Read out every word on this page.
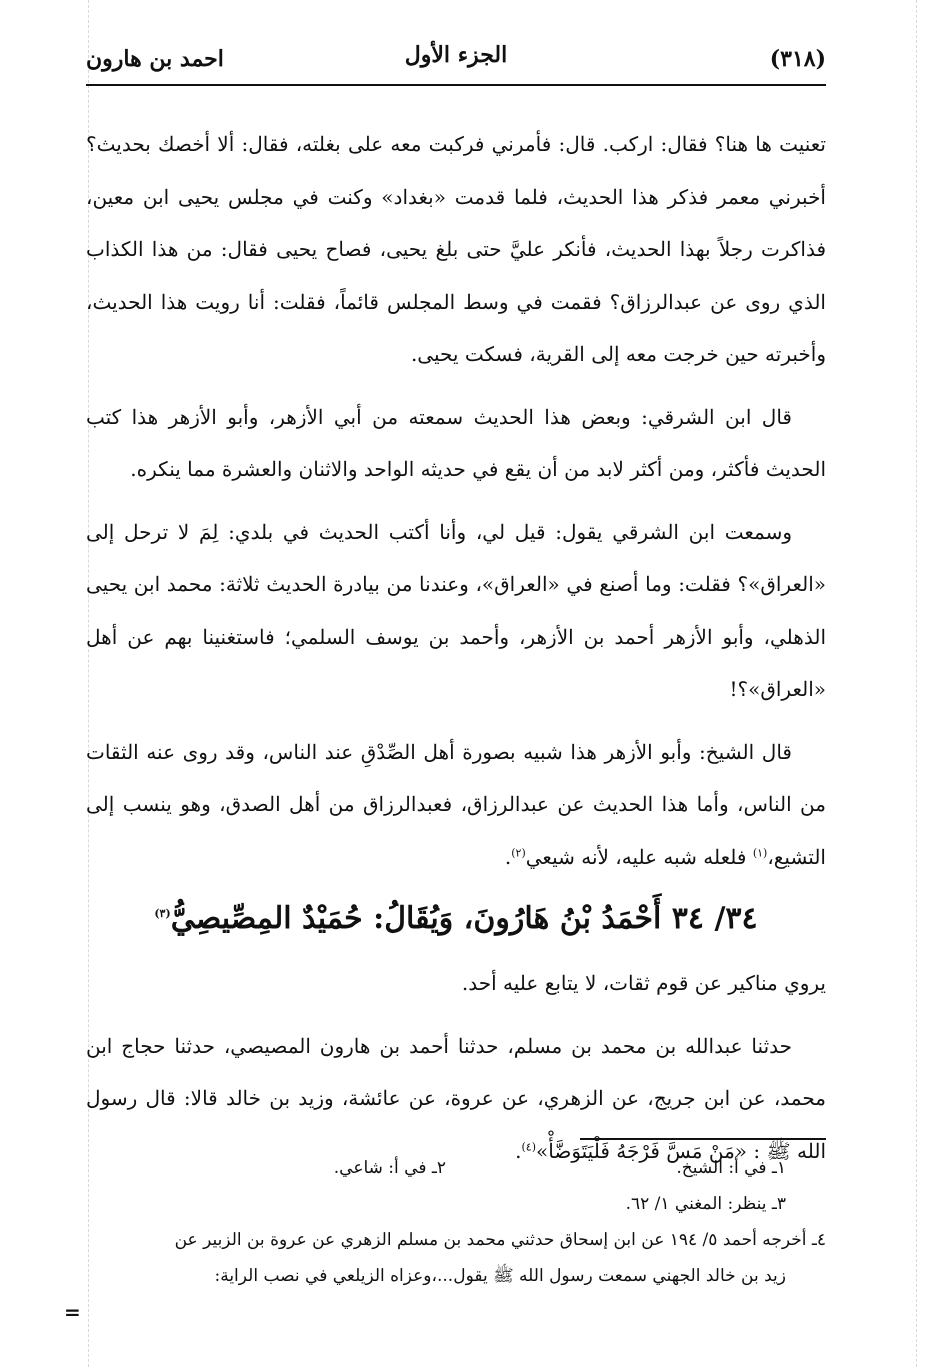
(٣١٨)
الجزء الأول
احمد بن هارون

تعنيت ها هنا؟ فقال: اركب. قال: فأمرني فركبت معه على بغلته، فقال: ألا أخصك بحديث؟ أخبرني معمر فذكر هذا الحديث، فلما قدمت «بغداد» وكنت في مجلس يحيى ابن معين، فذاكرت رجلاً بهذا الحديث، فأنكر عليَّ حتى بلغ يحيى، فصاح يحيى فقال: من هذا الكذاب الذي روى عن عبدالرزاق؟ فقمت في وسط المجلس قائماً، فقلت: أنا رويت هذا الحديث، وأخبرته حين خرجت معه إلى القرية، فسكت يحيى.

قال ابن الشرقي: وبعض هذا الحديث سمعته من أبي الأزهر، وأبو الأزهر هذا كتب الحديث فأكثر، ومن أكثر لابد من أن يقع في حديثه الواحد والاثنان والعشرة مما ينكره.

وسمعت ابن الشرقي يقول: قيل لي، وأنا أكتب الحديث في بلدي: لِمَ لا ترحل إلى «العراق»؟ فقلت: وما أصنع في «العراق»، وعندنا من بيادرة الحديث ثلاثة: محمد ابن يحيى الذهلي، وأبو الأزهر أحمد بن الأزهر، وأحمد بن يوسف السلمي؛ فاستغنينا بهم عن أهل «العراق»؟!

قال الشيخ: وأبو الأزهر هذا شبيه بصورة أهل الصِّدْقِ عند الناس، وقد روى عنه الثقات من الناس، وأما هذا الحديث عن عبدالرزاق، فعبدالرزاق من أهل الصدق، وهو ينسب إلى التشيع،$^{(١)}$ فلعله شبه عليه، لأنه شيعي$^{(٢)}$.

٣٤/ ٣٤ أَحْمَدُ بْنُ هَارُونَ، وَيُقَالُ: حُمَيْدٌ المِصِّيصِيُّ$^{(٣)}$

يروي مناكير عن قوم ثقات، لا يتابع عليه أحد.

حدثنا عبدالله بن محمد بن مسلم، حدثنا أحمد بن هارون المصيصي، حدثنا حجاج ابن محمد، عن ابن جريج، عن الزهري، عن عروة، عن عائشة، وزيد بن خالد قالا: قال رسول الله ﷺ : «مَنْ مَسَّ فَرْجَهُ فَلْيَتَوَضَّأْ»$^{(٤)}$.

١ـ في أ: الشيخ.
٢ـ في أ: شاعي.
٣ـ ينظر: المغني ١/ ٦٢.

٤ـ أخرجه أحمد ٥/ ١٩٤ عن ابن إسحاق حدثني محمد بن مسلم الزهري عن عروة بن الزبير عن

زيد بن خالد الجهني سمعت رسول الله ﷺ يقول...،وعزاه الزيلعي في نصب الراية:

=
